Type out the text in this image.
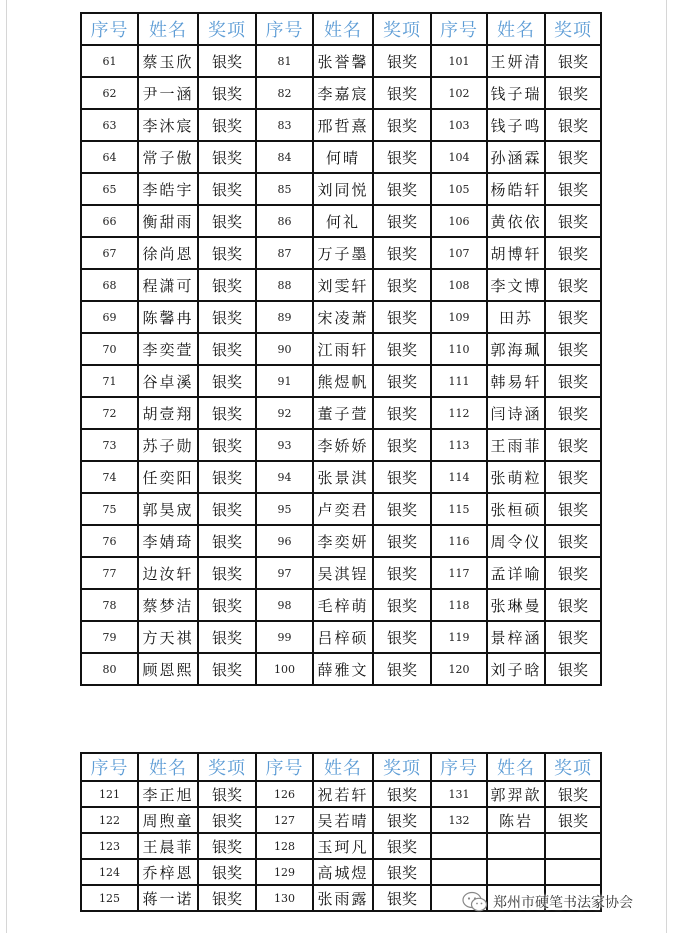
序号	姓名	奖项	序号	姓名	奖项	序号	姓名	奖项
61	蔡玉欣	银奖	81	张誉馨	银奖	101	王妍清	银奖
62	尹一涵	银奖	82	李嘉宸	银奖	102	钱子瑞	银奖
63	李沐宸	银奖	83	邢哲熹	银奖	103	钱子鸣	银奖
64	常子傲	银奖	84	何晴	银奖	104	孙涵霖	银奖
65	李皓宇	银奖	85	刘同悦	银奖	105	杨皓轩	银奖
66	衡甜雨	银奖	86	何礼	银奖	106	黄依依	银奖
67	徐尚恩	银奖	87	万子墨	银奖	107	胡博轩	银奖
68	程潇可	银奖	88	刘雯轩	银奖	108	李文博	银奖
69	陈馨冉	银奖	89	宋凌萧	银奖	109	田苏	银奖
70	李奕萱	银奖	90	江雨轩	银奖	110	郭海珮	银奖
71	谷卓溪	银奖	91	熊煜帆	银奖	111	韩易轩	银奖
72	胡壹翔	银奖	92	董子萱	银奖	112	闫诗涵	银奖
73	苏子勋	银奖	93	李娇娇	银奖	113	王雨菲	银奖
74	任奕阳	银奖	94	张景淇	银奖	114	张萌粒	银奖
75	郭昊宬	银奖	95	卢奕君	银奖	115	张桓硕	银奖
76	李婧琦	银奖	96	李奕妍	银奖	116	周令仪	银奖
77	边汝轩	银奖	97	吴淇锃	银奖	117	孟详喻	银奖
78	蔡梦洁	银奖	98	毛梓萌	银奖	118	张琳曼	银奖
79	方天祺	银奖	99	吕梓硕	银奖	119	景梓涵	银奖
80	顾恩熙	银奖	100	薛雅文	银奖	120	刘子晗	银奖
序号	姓名	奖项	序号	姓名	奖项	序号	姓名	奖项
121	李正旭	银奖	126	祝若轩	银奖	131	郭羿歆	银奖
122	周煦童	银奖	127	吴若晴	银奖	132	陈岩	银奖
123	王晨菲	银奖	128	玉珂凡	银奖			
124	乔梓恩	银奖	129	高城煜	银奖			
125	蒋一诺	银奖	130	张雨露	银奖				郑州市硬笔书法家协会
